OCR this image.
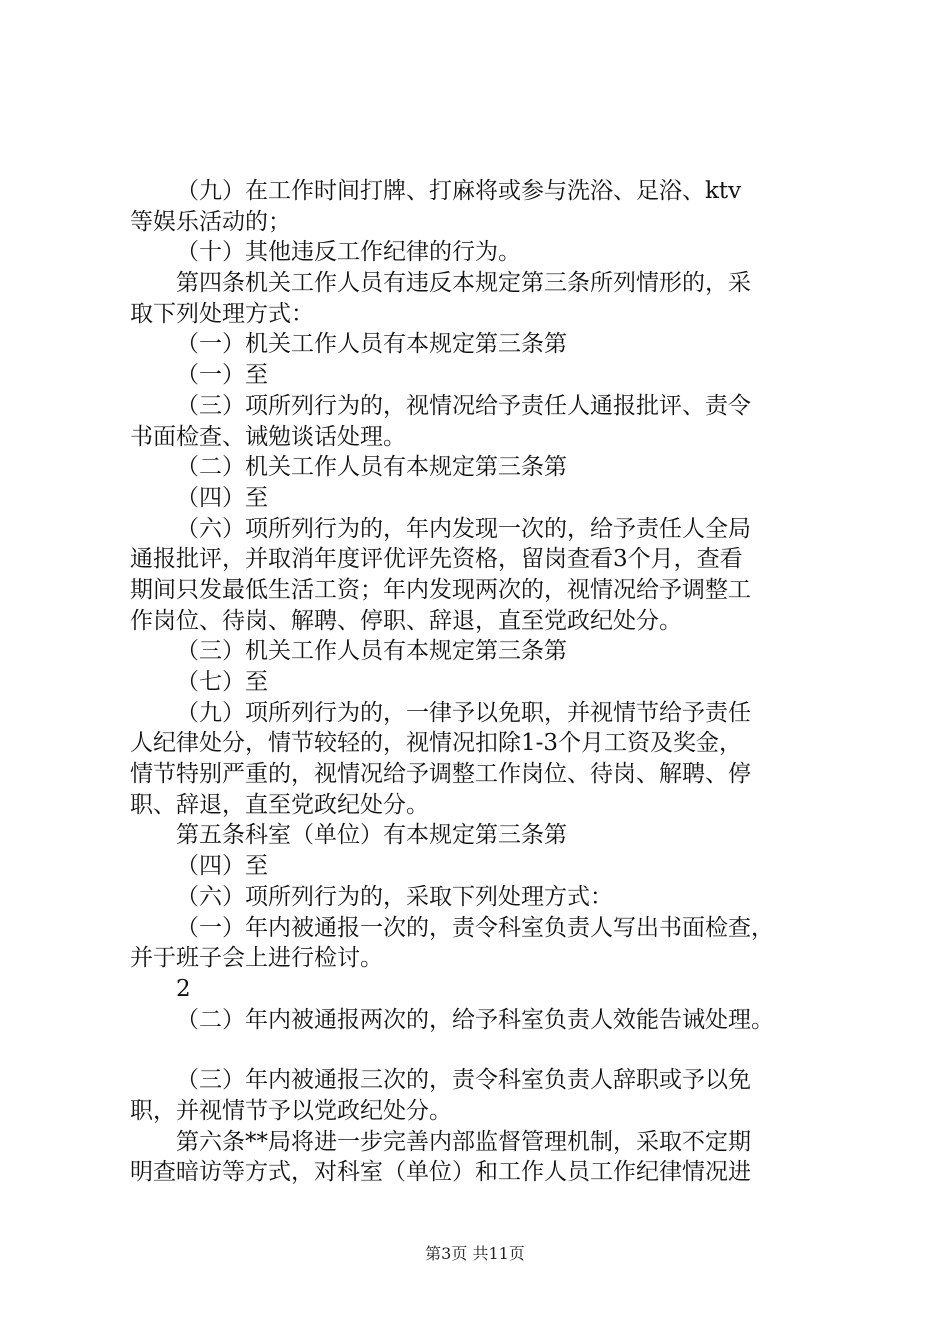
（九）在工作时间打牌、打麻将或参与洗浴、足浴、ktv
等娱乐活动的；
（十）其他违反工作纪律的行为。
第四条机关工作人员有违反本规定第三条所列情形的，采
取下列处理方式：
（一）机关工作人员有本规定第三条第
（一）至
（三）项所列行为的，视情况给予责任人通报批评、责令
书面检查、诫勉谈话处理。
（二）机关工作人员有本规定第三条第
（四）至
（六）项所列行为的，年内发现一次的，给予责任人全局
通报批评，并取消年度评优评先资格，留岗查看3个月，查看
期间只发最低生活工资；年内发现两次的，视情况给予调整工
作岗位、待岗、解聘、停职、辞退，直至党政纪处分。
（三）机关工作人员有本规定第三条第
（七）至
（九）项所列行为的，一律予以免职，并视情节给予责任
人纪律处分，情节较轻的，视情况扣除1-3个月工资及奖金，
情节特别严重的，视情况给予调整工作岗位、待岗、解聘、停
职、辞退，直至党政纪处分。
第五条科室（单位）有本规定第三条第
（四）至
（六）项所列行为的，采取下列处理方式：
（一）年内被通报一次的，责令科室负责人写出书面检查，
并于班子会上进行检讨。
2
（二）年内被通报两次的，给予科室负责人效能告诫处理。
（三）年内被通报三次的，责令科室负责人辞职或予以免
职，并视情节予以党政纪处分。
第六条**局将进一步完善内部监督管理机制，采取不定期
明查暗访等方式，对科室（单位）和工作人员工作纪律情况进
第3页 共11页
